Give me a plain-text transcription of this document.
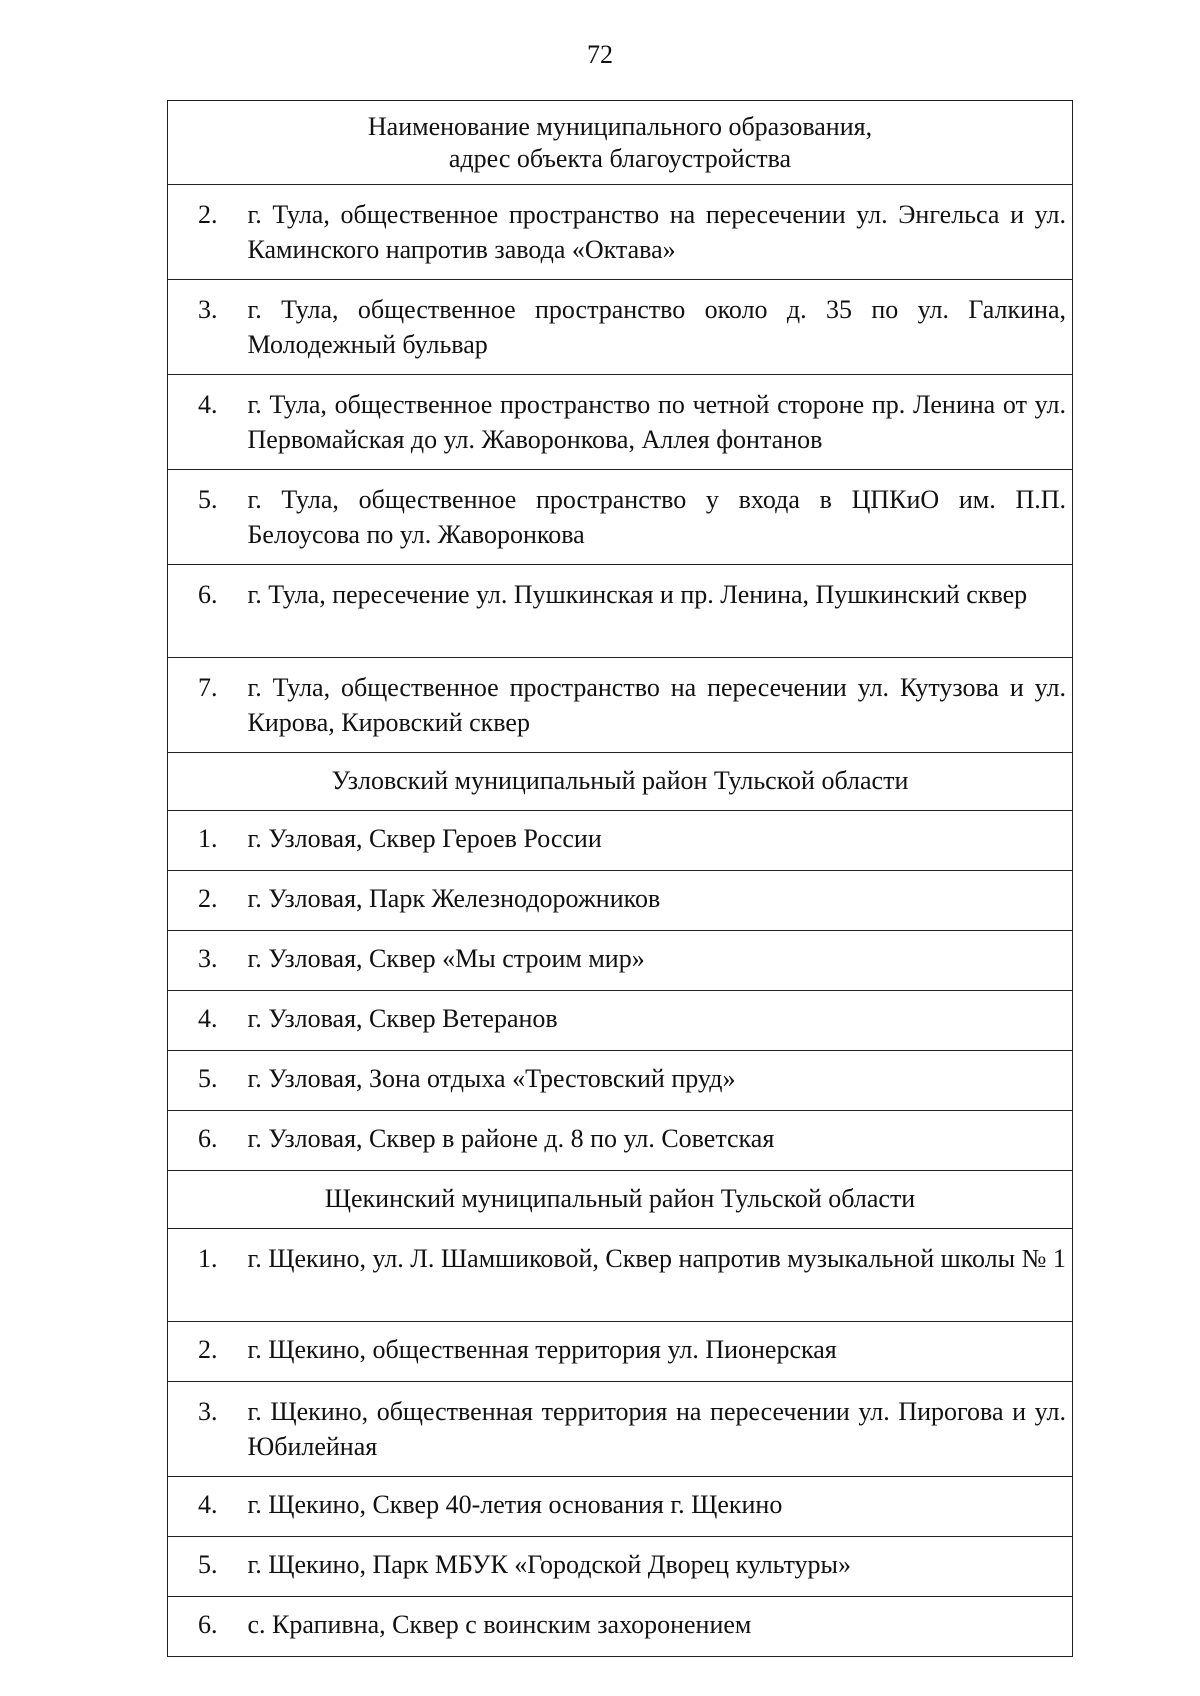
72
Наименование муниципального образования,
адрес объекта благоустройства	
2.	г. Тула, общественное пространство на пересечении ул. Энгельса и ул. Каминского напротив завода «Октава»
3.	г. Тула, общественное пространство около д. 35 по ул. Галкина, Молодежный бульвар
4.	г. Тула, общественное пространство по четной стороне пр. Ленина от ул. Первомайская до ул. Жаворонкова, Аллея фонтанов
5.	г. Тула, общественное пространство у входа в ЦПКиО им. П.П. Белоусова по ул. Жаворонкова
6.	г. Тула, пересечение ул. Пушкинская и пр. Ленина, Пушкинский сквер
7.	г. Тула, общественное пространство на пересечении ул. Кутузова и ул. Кирова, Кировский сквер
Узловский муниципальный район Тульской области	
1.	г. Узловая, Сквер Героев России
2.	г. Узловая, Парк Железнодорожников
3.	г. Узловая, Сквер «Мы строим мир»
4.	г. Узловая, Сквер Ветеранов
5.	г. Узловая, Зона отдыха «Трестовский пруд»
6.	г. Узловая, Сквер в районе д. 8 по ул. Советская
Щекинский муниципальный район Тульской области	
1.	г. Щекино, ул. Л. Шамшиковой, Сквер напротив музыкальной школы № 1
2.	г. Щекино, общественная территория ул. Пионерская
3.	г. Щекино, общественная территория на пересечении ул. Пирогова и ул. Юбилейная
4.	г. Щекино, Сквер 40-летия основания г. Щекино
5.	г. Щекино, Парк МБУК «Городской Дворец культуры»
6.	с. Крапивна, Сквер с воинским захоронением
